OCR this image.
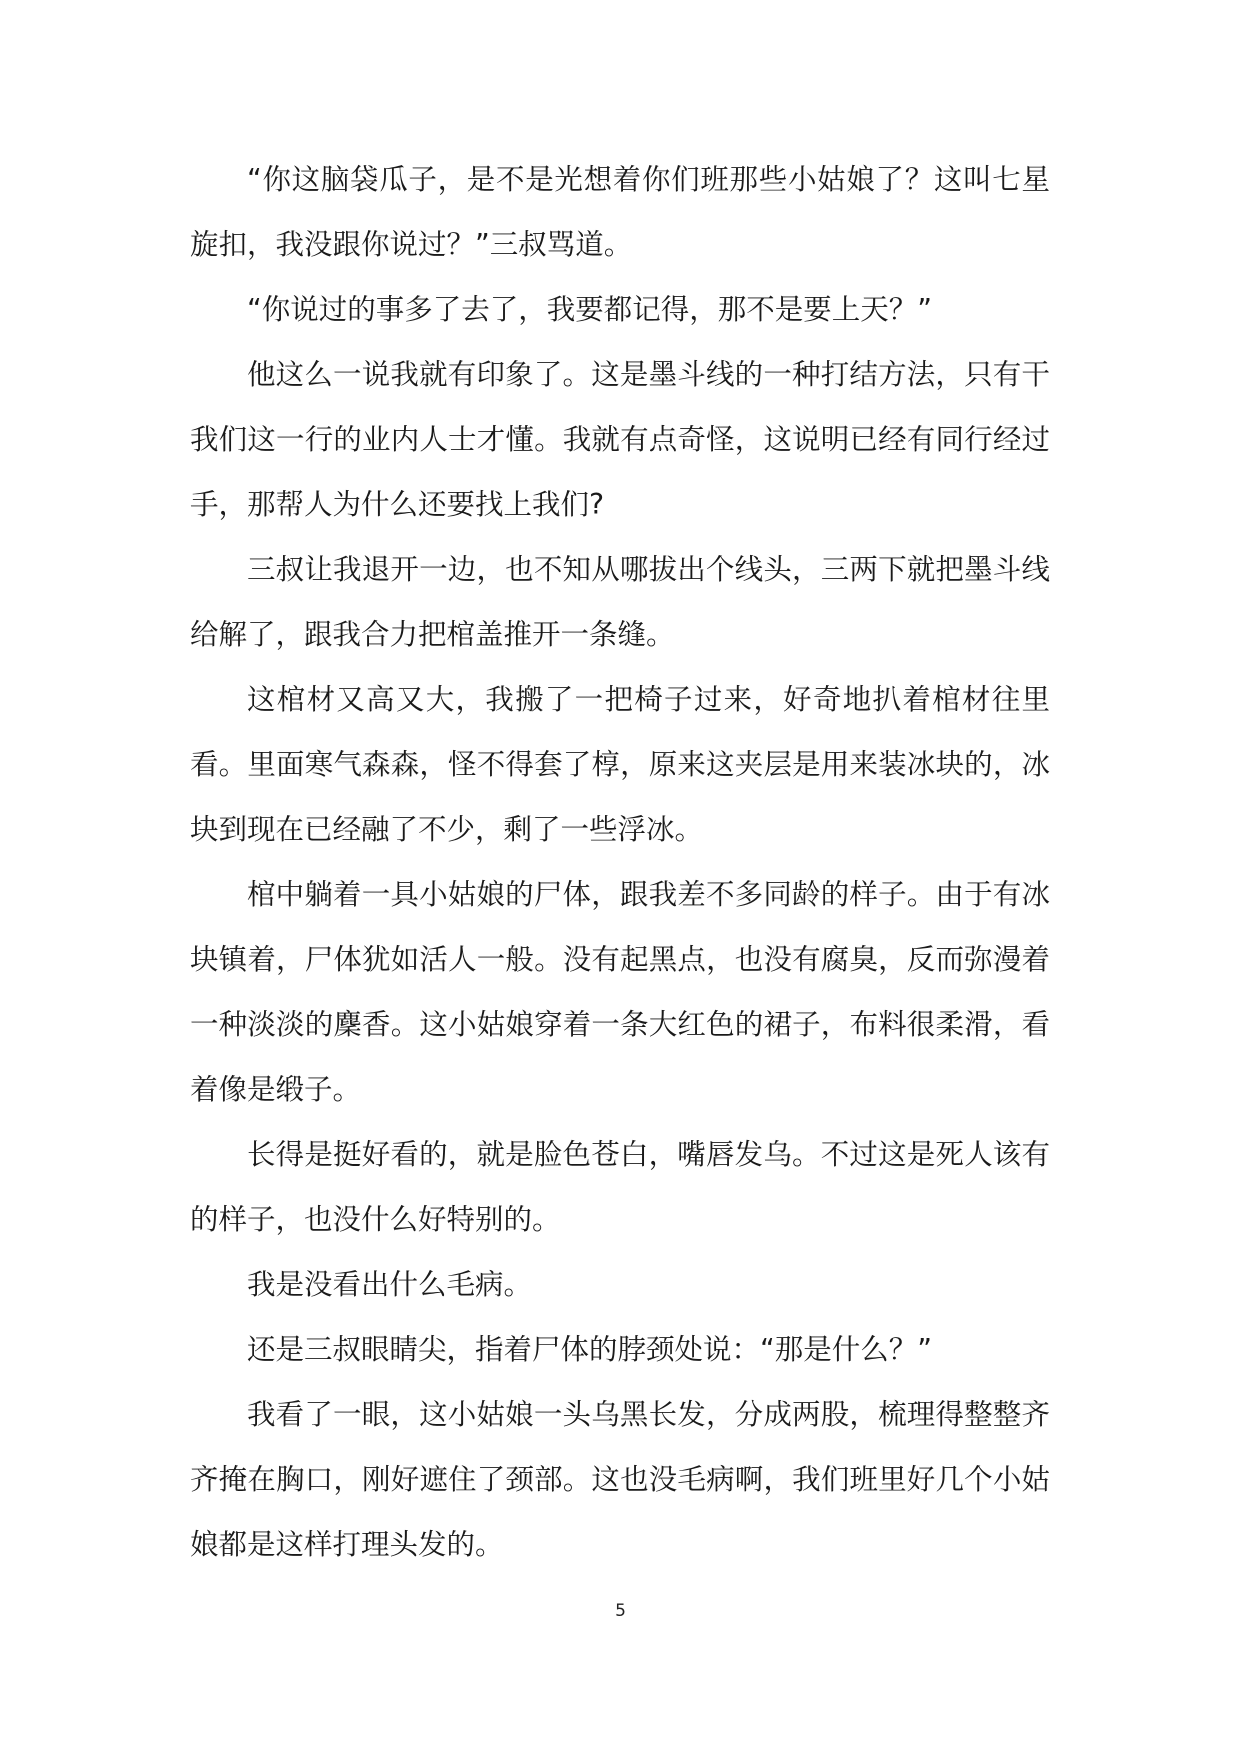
“你这脑袋瓜子，是不是光想着你们班那些小姑娘了？这叫七星旋扣，我没跟你说过？”三叔骂道。

“你说过的事多了去了，我要都记得，那不是要上天？”

他这么一说我就有印象了。这是墨斗线的一种打结方法，只有干我们这一行的业内人士才懂。我就有点奇怪，这说明已经有同行经过手，那帮人为什么还要找上我们?

三叔让我退开一边，也不知从哪拔出个线头，三两下就把墨斗线给解了，跟我合力把棺盖推开一条缝。

这棺材又高又大，我搬了一把椅子过来，好奇地扒着棺材往里看。里面寒气森森，怪不得套了椁，原来这夹层是用来装冰块的，冰块到现在已经融了不少，剩了一些浮冰。

棺中躺着一具小姑娘的尸体，跟我差不多同龄的样子。由于有冰块镇着，尸体犹如活人一般。没有起黑点，也没有腐臭，反而弥漫着一种淡淡的麇香。这小姑娘穿着一条大红色的裙子，布料很柔滑，看着像是缎子。

长得是挺好看的，就是脸色苍白，嘴唇发乌。不过这是死人该有的样子，也没什么好特别的。

我是没看出什么毛病。

还是三叔眼睛尖，指着尸体的脖颈处说：“那是什么？”

我看了一眼，这小姑娘一头乌黑长发，分成两股，梳理得整整齐齐掩在胸口，刚好遮住了颈部。这也没毛病啊，我们班里好几个小姑娘都是这样打理头发的。

5
